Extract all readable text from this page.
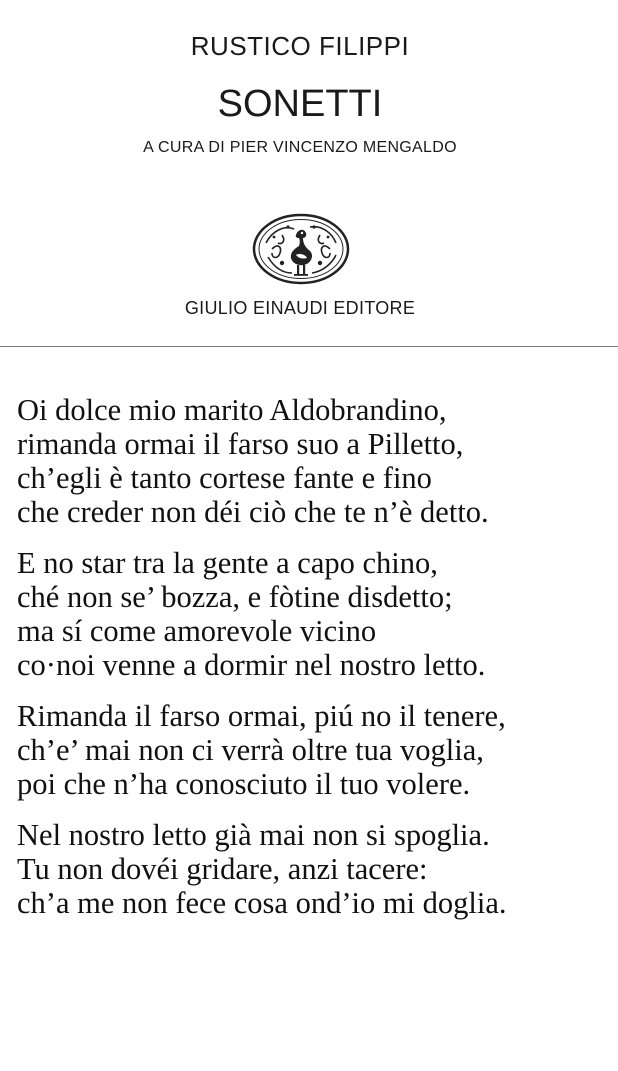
RUSTICO FILIPPI
SONETTI
A CURA DI PIER VINCENZO MENGALDO
GIULIO EINAUDI EDITORE
Oi dolce mio marito Aldobrandino,
rimanda ormai il farso suo a Pilletto,
ch’egli è tanto cortese fante e fino
che creder non déi ciò che te n’è detto.
E no star tra la gente a capo chino,
ché non se’ bozza, e fòtine disdetto;
ma sí come amorevole vicino
co·noi venne a dormir nel nostro letto.
Rimanda il farso ormai, piú no il tenere,
ch’e’ mai non ci verrà oltre tua voglia,
poi che n’ha conosciuto il tuo volere.
Nel nostro letto già mai non si spoglia.
Tu non dovéi gridare, anzi tacere:
ch’a me non fece cosa ond’io mi doglia.
